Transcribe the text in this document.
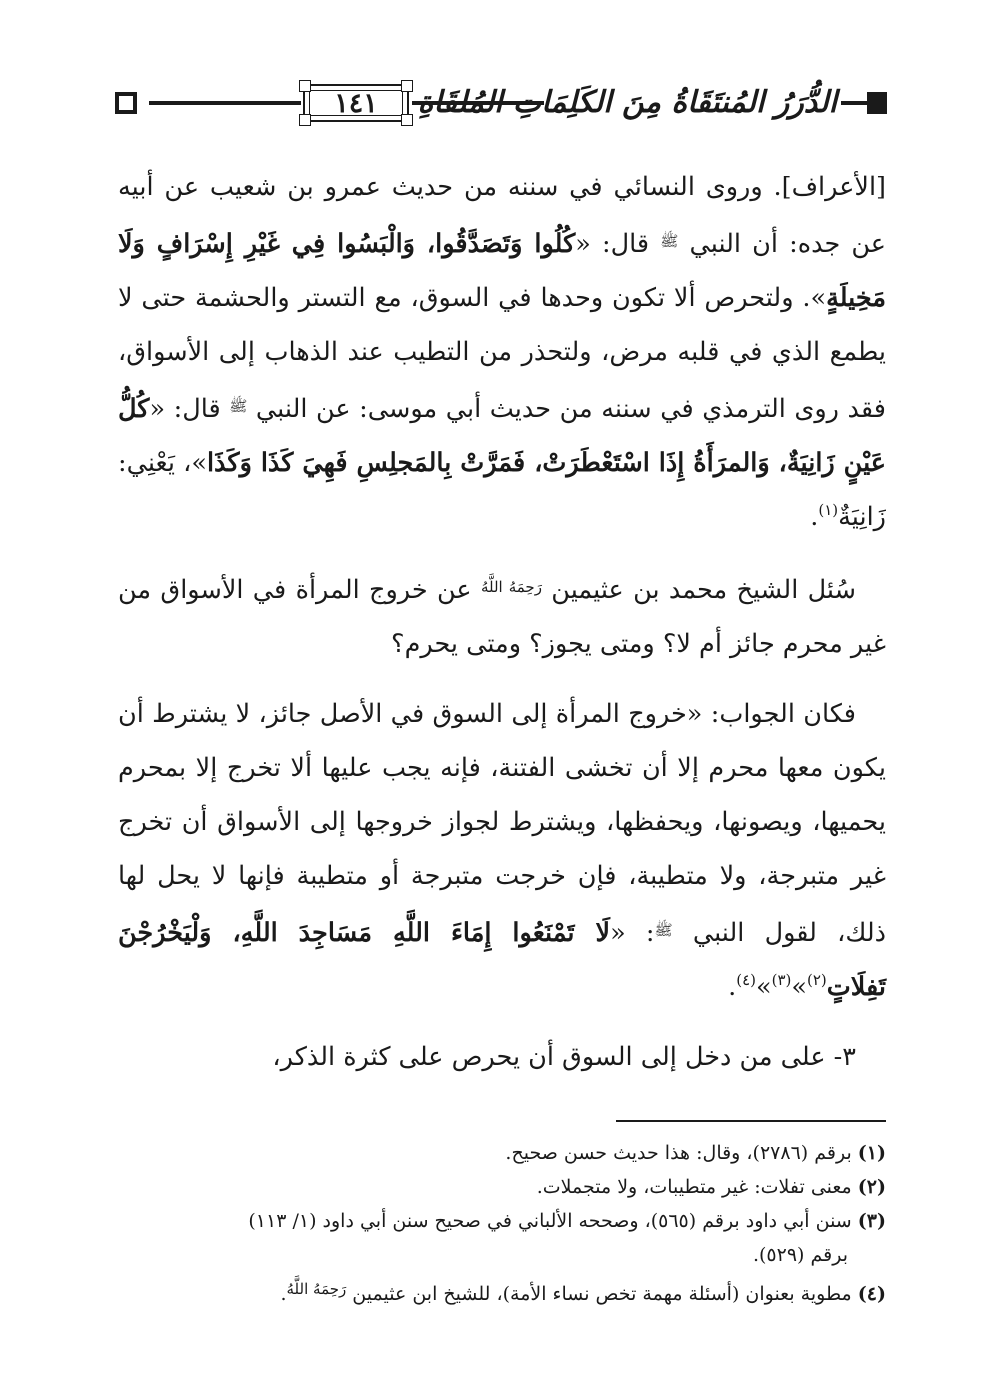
١٤١	الدُّرَرُ المُنتَقَاةُ مِنَ الكَلِمَاتِ المُلقَاةِ

[الأعراف]. وروى النسائي في سننه من حديث عمرو بن شعيب عن أبيه عن جده: أن النبي $^ﷺ$ قال: «كُلُوا وَتَصَدَّقُوا، وَالْبَسُوا فِي غَيْرِ إِسْرَافٍ وَلَا مَخِيلَةٍ». ولتحرص ألا تكون وحدها في السوق، مع التستر والحشمة حتى لا يطمع الذي في قلبه مرض، ولتحذر من التطيب عند الذهاب إلى الأسواق، فقد روى الترمذي في سننه من حديث أبي موسى: عن النبي $^ﷺ$ قال: «كُلُّ عَيْنٍ زَانِيَةٌ، وَالمرَأَةُ إِذَا اسْتَعْطَرَتْ، فَمَرَّتْ بِالمَجلِسِ فَهِيَ كَذَا وَكَذَا»، يَعْنِي: زَانِيَةٌ$^{(١)}$.

سُئل الشيخ محمد بن عثيمين $^{رَحِمَهُ اللَّهُ}$ عن خروج المرأة في الأسواق من غير محرم جائز أم لا؟ ومتى يجوز؟ ومتى يحرم؟

فكان الجواب: «خروج المرأة إلى السوق في الأصل جائز، لا يشترط أن يكون معها محرم إلا أن تخشى الفتنة، فإنه يجب عليها ألا تخرج إلا بمحرم يحميها، ويصونها، ويحفظها، ويشترط لجواز خروجها إلى الأسواق أن تخرج غير متبرجة، ولا متطيبة، فإن خرجت متبرجة أو متطيبة فإنها لا يحل لها ذلك، لقول النبي $^ﷺ$: «لَا تَمْنَعُوا إِمَاءَ اللَّهِ مَسَاجِدَ اللَّهِ، وَلْيَخْرُجْنَ تَفِلَاتٍ$^{(٢)}$»$^{(٣)}$»$^{(٤)}$.

٣- على من دخل إلى السوق أن يحرص على كثرة الذكر،

(١) برقم (٢٧٨٦)، وقال: هذا حديث حسن صحيح.

(٢) معنى تفلات: غير متطيبات، ولا متجملات.

(٣) سنن أبي داود برقم (٥٦٥)، وصححه الألباني في صحيح سنن أبي داود (١/ ١١٣)

برقم (٥٢٩).

(٤) مطوية بعنوان (أسئلة مهمة تخص نساء الأمة)، للشيخ ابن عثيمين $^{رَحِمَهُ اللَّهُ}$.
